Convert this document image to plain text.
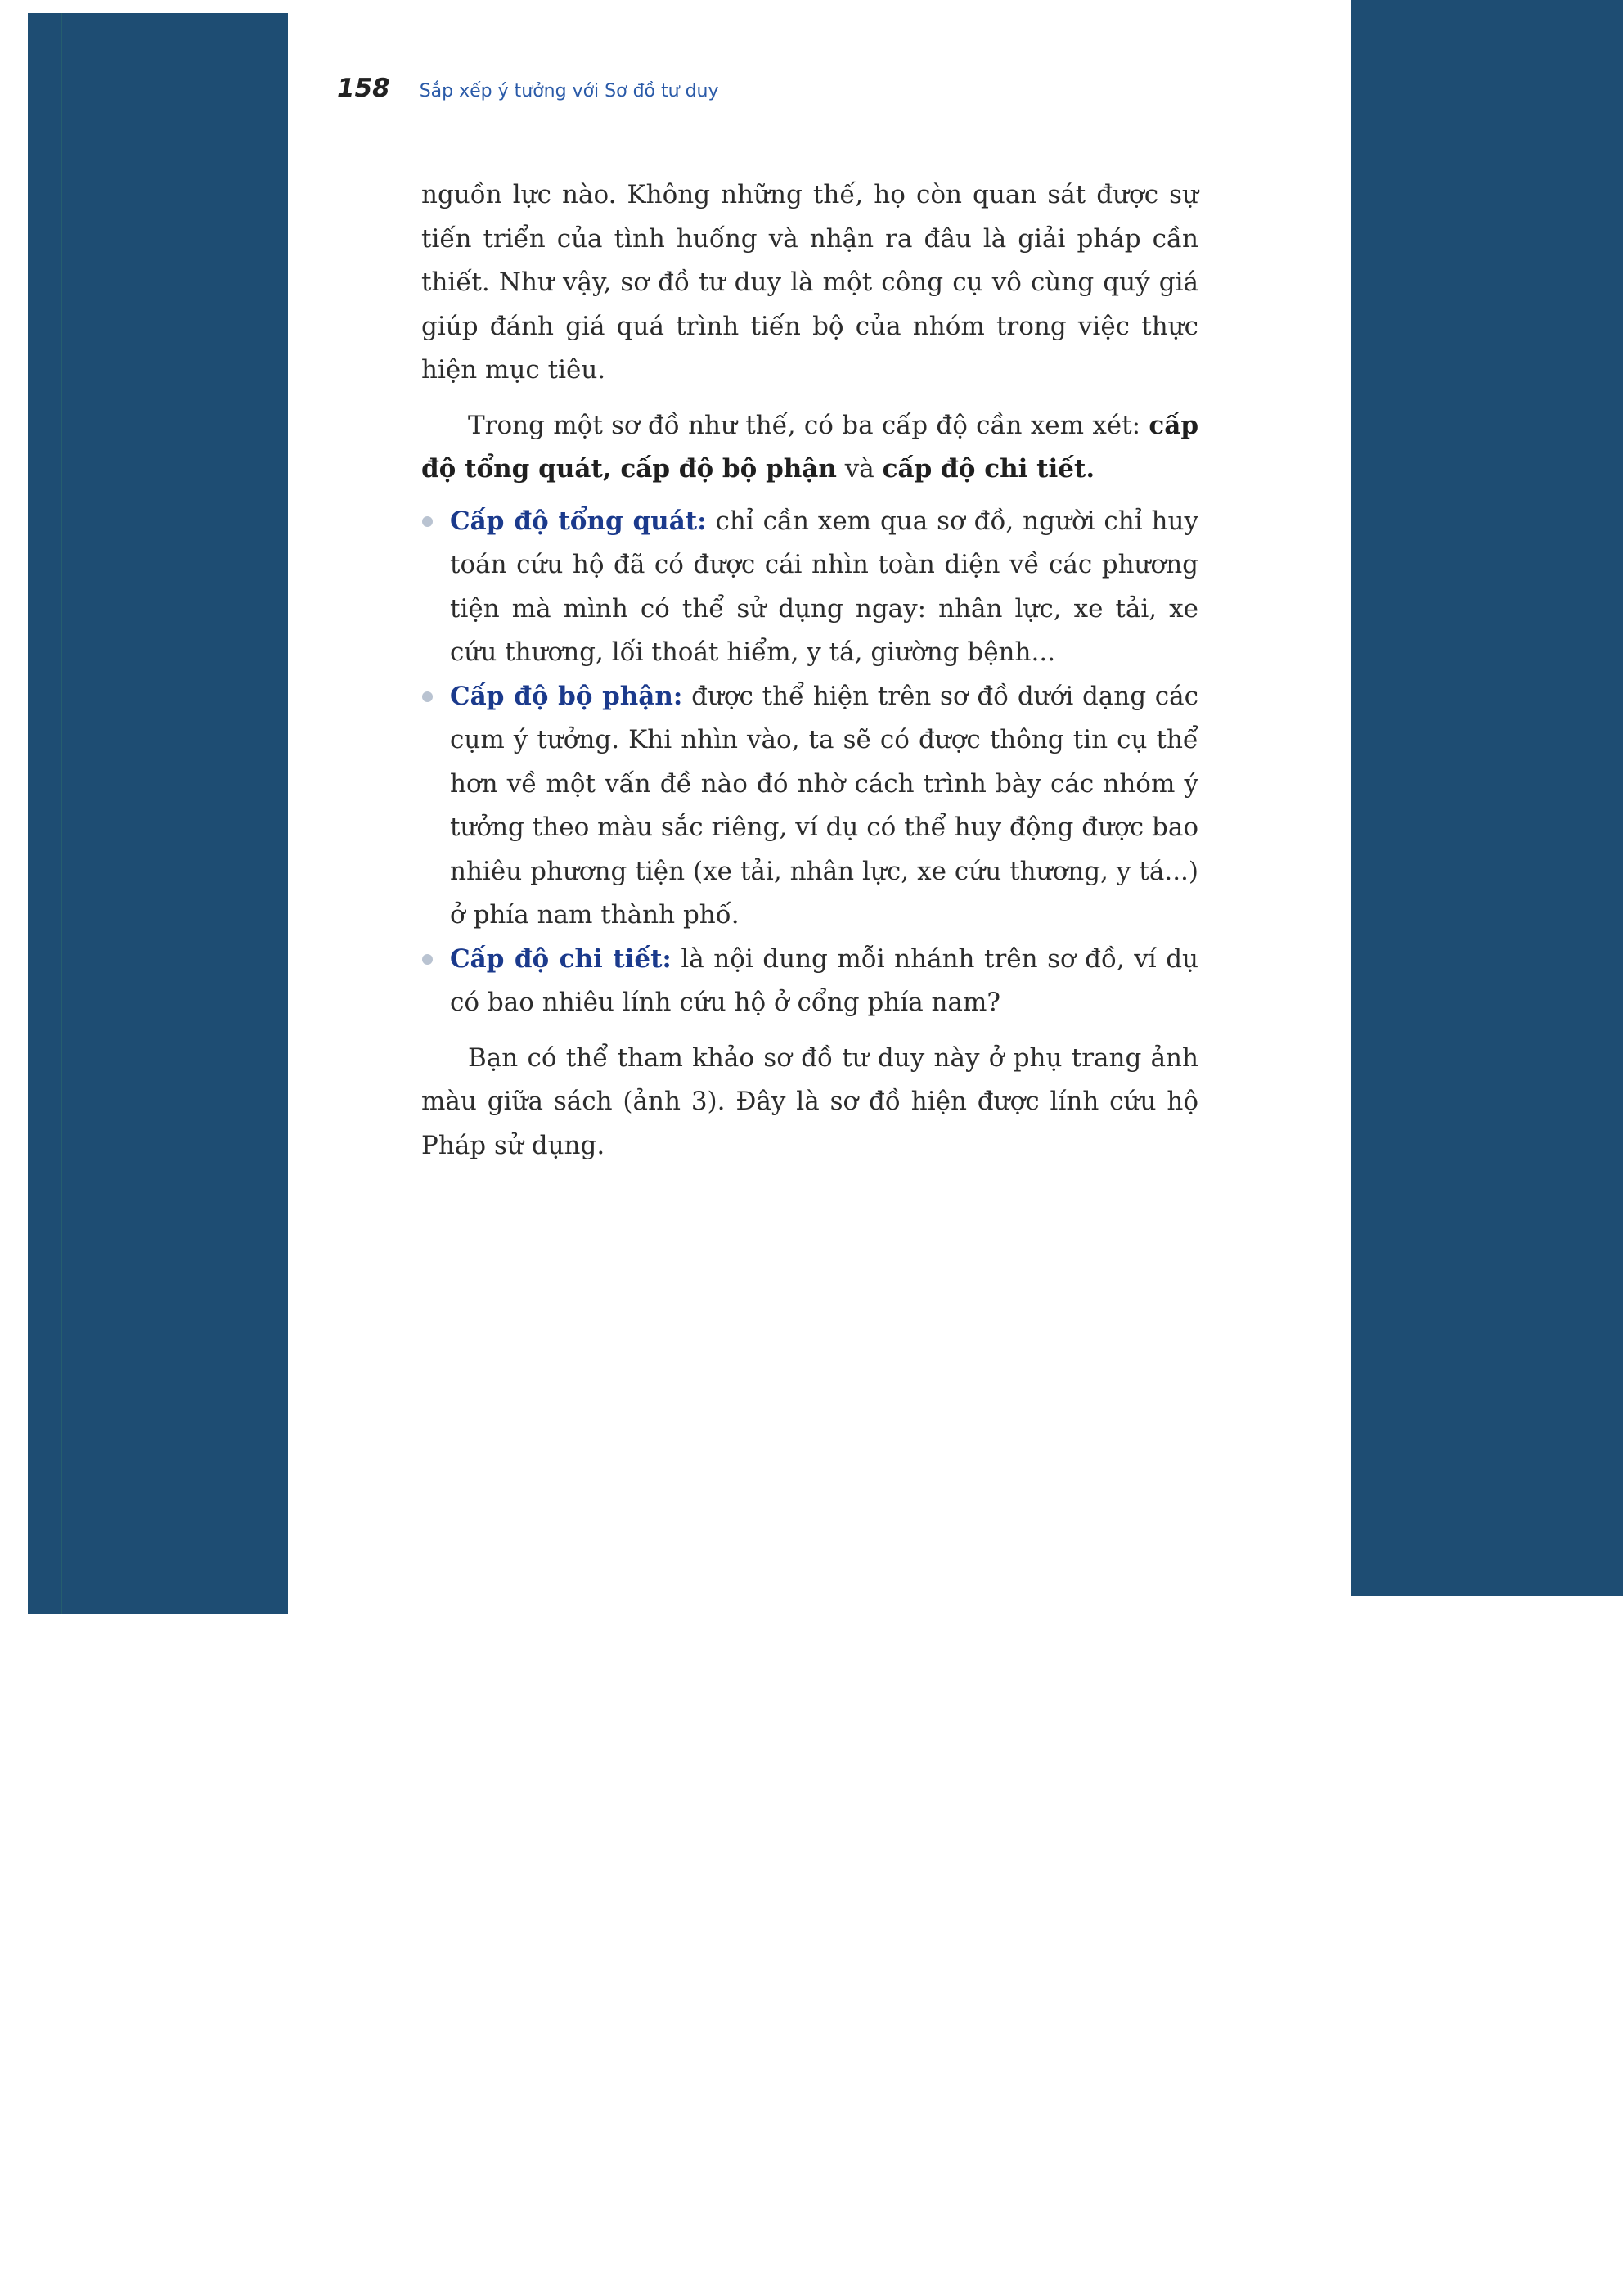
158 Sắp xếp ý tưởng với Sơ đồ tư duy

nguồn lực nào. Không những thế, họ còn quan sát được sự tiến triển của tình huống và nhận ra đâu là giải pháp cần thiết. Như vậy, sơ đồ tư duy là một công cụ vô cùng quý giá giúp đánh giá quá trình tiến bộ của nhóm trong việc thực hiện mục tiêu.

Trong một sơ đồ như thế, có ba cấp độ cần xem xét: cấp độ tổng quát, cấp độ bộ phận và cấp độ chi tiết.

Cấp độ tổng quát: chỉ cần xem qua sơ đồ, người chỉ huy toán cứu hộ đã có được cái nhìn toàn diện về các phương tiện mà mình có thể sử dụng ngay: nhân lực, xe tải, xe cứu thương, lối thoát hiểm, y tá, giường bệnh...
Cấp độ bộ phận: được thể hiện trên sơ đồ dưới dạng các cụm ý tưởng. Khi nhìn vào, ta sẽ có được thông tin cụ thể hơn về một vấn đề nào đó nhờ cách trình bày các nhóm ý tưởng theo màu sắc riêng, ví dụ có thể huy động được bao nhiêu phương tiện (xe tải, nhân lực, xe cứu thương, y tá...) ở phía nam thành phố.
Cấp độ chi tiết: là nội dung mỗi nhánh trên sơ đồ, ví dụ có bao nhiêu lính cứu hộ ở cổng phía nam?

Bạn có thể tham khảo sơ đồ tư duy này ở phụ trang ảnh màu giữa sách (ảnh 3). Đây là sơ đồ hiện được lính cứu hộ Pháp sử dụng.
